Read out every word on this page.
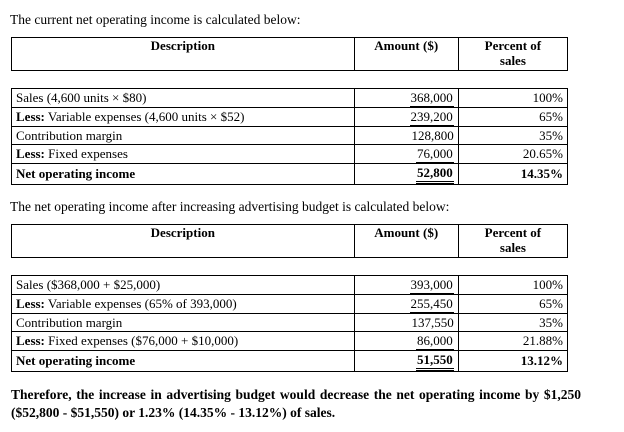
The current net operating income is calculated below:

Description	Amount ($)	Percent of sales

Sales (4,600 units × $80)	368,000	100%
Less: Variable expenses (4,600 units × $52)	239,200	65%
Contribution margin	128,800	35%
Less: Fixed expenses	76,000	20.65%
Net operating income	52,800	14.35%

The net operating income after increasing advertising budget is calculated below:

Description	Amount ($)	Percent of sales

Sales ($368,000 + $25,000)	393,000	100%
Less: Variable expenses (65% of 393,000)	255,450	65%
Contribution margin	137,550	35%
Less: Fixed expenses ($76,000 + $10,000)	86,000	21.88%
Net operating income	51,550	13.12%

Therefore, the increase in advertising budget would decrease the net operating income by $1,250 ($52,800 - $51,550) or 1.23% (14.35% - 13.12%) of sales.
